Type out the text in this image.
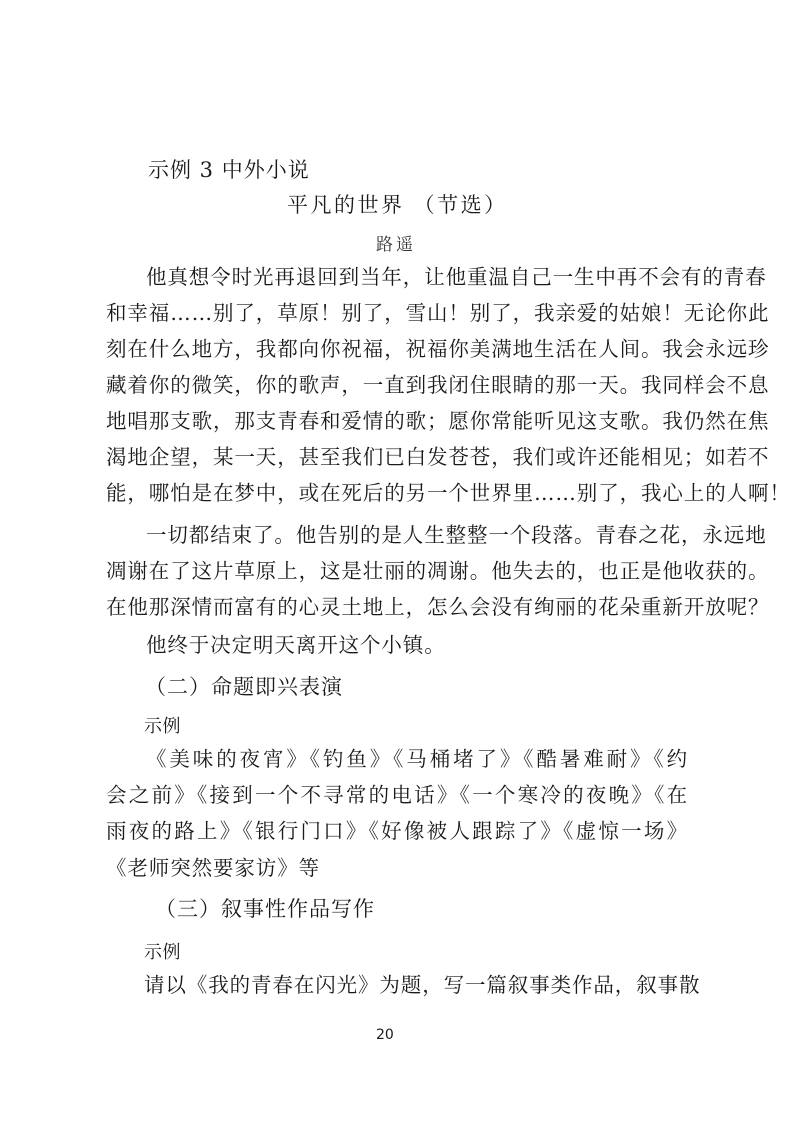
示例 3 中外小说

平凡的世界 （节选）

路遥

他真想令时光再退回到当年，让他重温自己一生中再不会有的青春

和幸福……别了，草原！别了，雪山！别了，我亲爱的姑娘！无论你此

刻在什么地方，我都向你祝福，祝福你美满地生活在人间。我会永远珍

藏着你的微笑，你的歌声，一直到我闭住眼睛的那一天。我同样会不息

地唱那支歌，那支青春和爱情的歌；愿你常能听见这支歌。我仍然在焦

渴地企望，某一天，甚至我们已白发苍苍，我们或许还能相见；如若不

能，哪怕是在梦中，或在死后的另一个世界里……别了，我心上的人啊！

一切都结束了。他告别的是人生整整一个段落。青春之花，永远地

凋谢在了这片草原上，这是壮丽的凋谢。他失去的，也正是他收获的。

在他那深情而富有的心灵土地上，怎么会没有绚丽的花朵重新开放呢？

他终于决定明天离开这个小镇。

（二）命题即兴表演

示例

《美味的夜宵》《钓鱼》《马桶堵了》《酷暑难耐》《约

会之前》《接到一个不寻常的电话》《一个寒冷的夜晚》《在

雨夜的路上》《银行门口》《好像被人跟踪了》《虚惊一场》

《老师突然要家访》等

（三）叙事性作品写作

示例

请以《我的青春在闪光》为题，写一篇叙事类作品，叙事散

20
